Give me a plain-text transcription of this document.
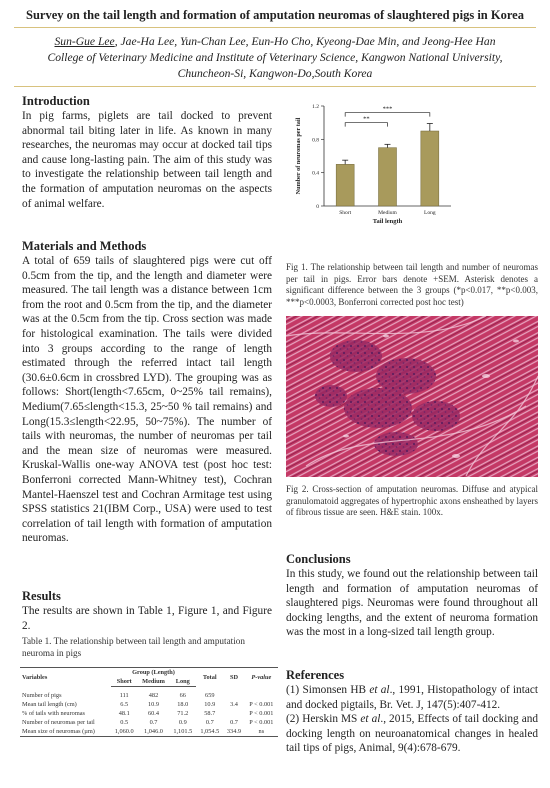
Survey on the tail length and formation of amputation neuromas of slaughtered pigs in Korea
Sun-Gue Lee, Jae-Ha Lee, Yun-Chan Lee, Eun-Ho Cho, Kyeong-Dae Min, and Jeong-Hee Han
College of Veterinary Medicine and Institute of Veterinary Science, Kangwon National University,
Chuncheon-Si, Kangwon-Do,South Korea
Introduction

In pig farms, piglets are tail docked to prevent abnormal tail biting later in life. As known in many researches, the neuromas may occur at docked tail tips and cause long-lasting pain. The aim of this study was to investigate the relationship between tail length and the formation of amputation neuromas on the aspects of animal welfare.

Materials and Methods

A total of 659 tails of slaughtered pigs were cut off 0.5cm from the tip, and the length and diameter were measured. The tail length was a distance between 1cm from the root and 0.5cm from the tip, and the diameter was at the 0.5cm from the tip. Cross section was made for histological examination. The tails were divided into 3 groups according to the range of length estimated through the referred intact tail length (30.6±0.6cm in crossbred LYD). The grouping was as follows: Short(length<7.65cm, 0~25% tail remains), Medium(7.65≤length<15.3, 25~50 % tail remains) and Long(15.3≤length<22.95, 50~75%). The number of tails with neuromas, the number of neuromas per tail and the mean size of neuromas were measured. Kruskal-Wallis one-way ANOVA test (post hoc test: Bonferroni corrected Mann-Whitney test), Cochran Mantel-Haenszel test and Cochran Armitage test using SPSS statistics 21(IBM Corp., USA) were used to test correlation of tail length with formation of amputation neuromas.

Results

The results are shown in Table 1, Figure 1, and Figure 2.

Table 1. The relationship between tail length and amputation neuroma in pigs

Variables	Group (Length)			Total	SD	P-value
	Short	Medium	Long			
Number of pigs	111	482	66	659		
Mean tail length (cm)	6.5	10.9	18.0	10.9	3.4	P < 0.001
% of tails with neuromas	48.1	60.4	71.2	58.7		P < 0.001
Number of neuromas per tail	0.5	0.7	0.9	0.7	0.7	P < 0.001
Mean size of neuromas (µm)	1,060.0	1,046.0	1,101.5	1,054.5	334.9	ns
0
0.4
0.8
1.2
Number of neuromas per tail
Short	Medium	Long
Tail length
**
***

Fig 1. The relationship between tail length and number of neuromas per tail in pigs. Error bars denote +SEM. Asterisk denotes a significant difference between the 3 groups (*p<0.017, **p<0.003, ***p<0.0003, Bonferroni corrected post hoc test)

Fig 2. Cross-section of amputation neuromas. Diffuse and atypical granulomatoid aggregates of hypertrophic axons ensheathed by layers of fibrous tissue are seen. H&E stain. 100x.

Conclusions

In this study, we found out the relationship between tail length and formation of amputation neuromas of slaughtered pigs. Neuromas were found throughout all docking lengths, and the extent of neuroma formation was the most in a long-sized tail length group.

References

(1) Simonsen HB et al., 1991, Histopathology of intact and docked pigtails, Br. Vet. J, 147(5):407-412.

(2) Herskin MS et al., 2015, Effects of tail docking and docking length on neuroanatomical changes in healed tail tips of pigs, Animal, 9(4):678-679.
